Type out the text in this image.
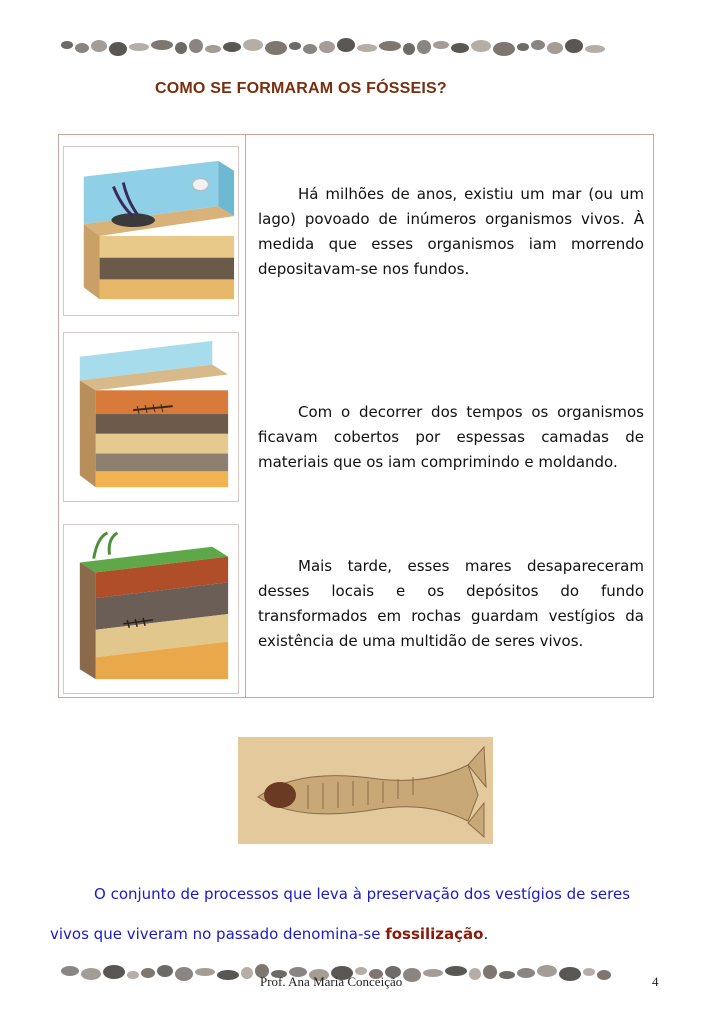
COMO SE FORMARAM OS FÓSSEIS?

Há milhões de anos, existiu um mar (ou um lago) povoado de inúmeros organismos vivos. À medida que esses organismos iam morrendo depositavam-se nos fundos.

Com o decorrer dos tempos os organismos ficavam cobertos por espessas camadas de materiais que os iam comprimindo e moldando.

Mais tarde, esses mares desapareceram desses locais e os depósitos do fundo transformados em rochas guardam vestígios da existência de uma multidão de seres vivos.

O conjunto de processos que leva à preservação dos vestígios de seres vivos que viveram no passado denomina-se fossilização.

Prof. Ana Maria Conceição	4
